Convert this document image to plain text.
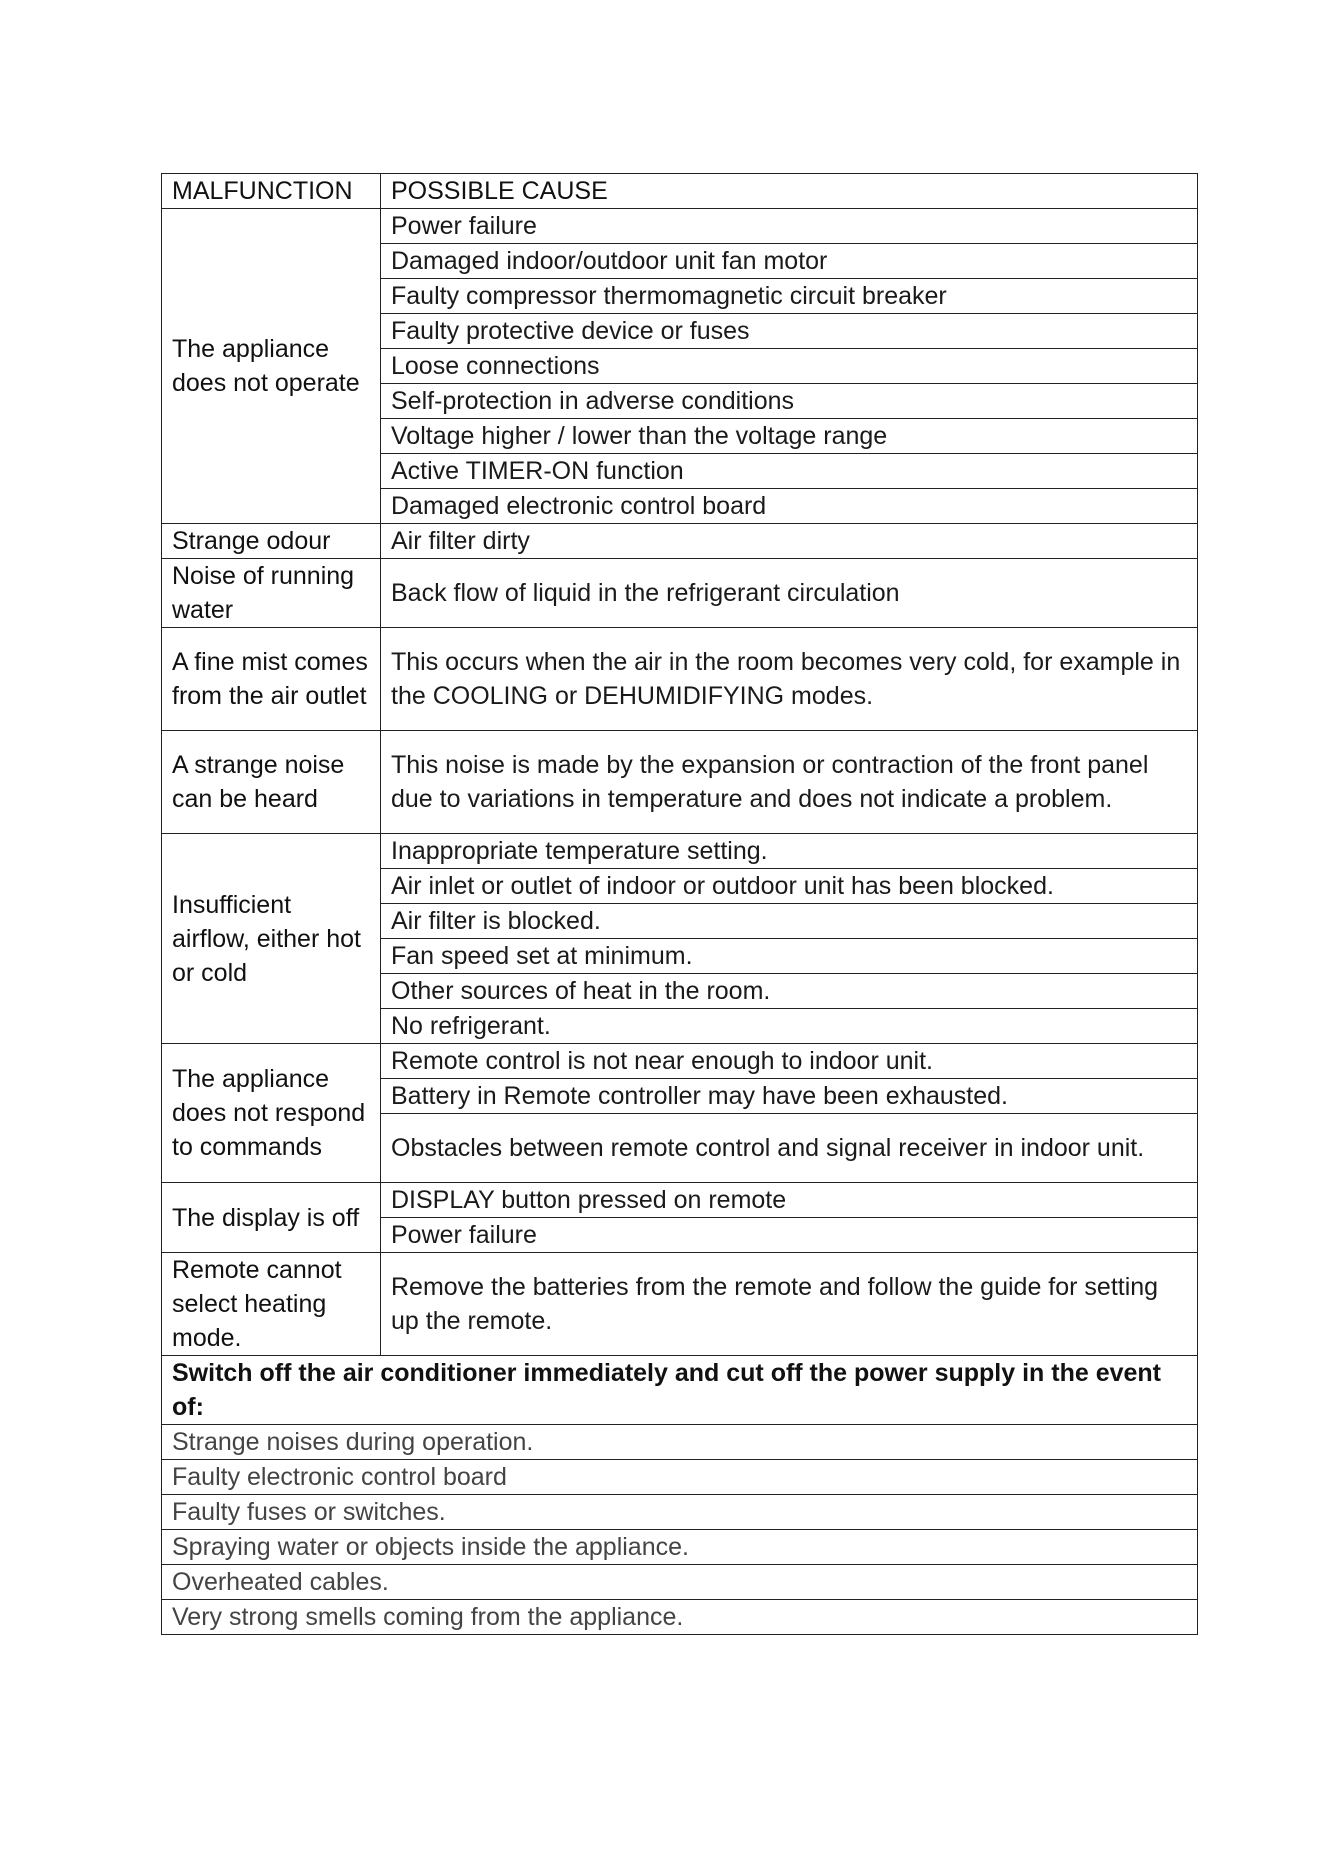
MALFUNCTION	POSSIBLE CAUSE
The appliance does not operate	Power failure
	Damaged indoor/outdoor unit fan motor
	Faulty compressor thermomagnetic circuit breaker
	Faulty protective device or fuses
	Loose connections
	Self-protection in adverse conditions
	Voltage higher / lower than the voltage range
	Active TIMER-ON function
	Damaged electronic control board
Strange odour	Air filter dirty
Noise of running water	Back flow of liquid in the refrigerant circulation
A fine mist comes from the air outlet	This occurs when the air in the room becomes very cold, for example in the COOLING or DEHUMIDIFYING modes.
A strange noise can be heard	This noise is made by the expansion or contraction of the front panel due to variations in temperature and does not indicate a problem.
Insufficient airflow, either hot or cold	Inappropriate temperature setting.
	Air inlet or outlet of indoor or outdoor unit has been blocked.
	Air filter is blocked.
	Fan speed set at minimum.
	Other sources of heat in the room.
	No refrigerant.
The appliance does not respond to commands	Remote control is not near enough to indoor unit.
	Battery in Remote controller may have been exhausted.
	Obstacles between remote control and signal receiver in indoor unit.
The display is off	DISPLAY button pressed on remote
	Power failure
Remote cannot select heating mode.	Remove the batteries from the remote and follow the guide for setting up the remote.
Switch off the air conditioner immediately and cut off the power supply in the event of:	
Strange noises during operation.	
Faulty electronic control board	
Faulty fuses or switches.	
Spraying water or objects inside the appliance.	
Overheated cables.	
Very strong smells coming from the appliance.	
